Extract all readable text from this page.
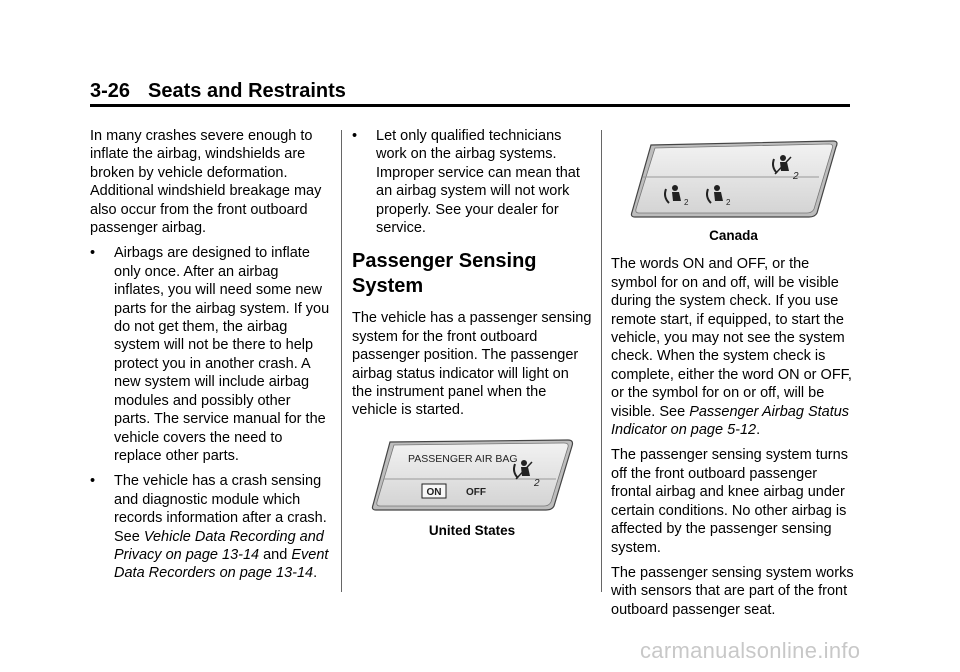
3-26 Seats and Restraints

In many crashes severe enough to inflate the airbag, windshields are broken by vehicle deformation. Additional windshield breakage may also occur from the front outboard passenger airbag.

• Airbags are designed to inflate only once. After an airbag inflates, you will need some new parts for the airbag system. If you do not get them, the airbag system will not be there to help protect you in another crash. A new system will include airbag modules and possibly other parts. The service manual for the vehicle covers the need to replace other parts.
• The vehicle has a crash sensing and diagnostic module which records information after a crash. See Vehicle Data Recording and Privacy on page 13-14 and Event Data Recorders on page 13-14.
• Let only qualified technicians work on the airbag systems. Improper service can mean that an airbag system will not work properly. See your dealer for service.
Passenger Sensing System

The vehicle has a passenger sensing system for the front outboard passenger position. The passenger airbag status indicator will light on the instrument panel when the vehicle is started.

PASSENGER AIR BAG
ON OFF
2
United States
2	2
2
Canada

The words ON and OFF, or the symbol for on and off, will be visible during the system check. If you use remote start, if equipped, to start the vehicle, you may not see the system check. When the system check is complete, either the word ON or OFF, or the symbol for on or off, will be visible. See Passenger Airbag Status Indicator on page 5-12.

The passenger sensing system turns off the front outboard passenger frontal airbag and knee airbag under certain conditions. No other airbag is affected by the passenger sensing system.

The passenger sensing system works with sensors that are part of the front outboard passenger seat.

carmanualsonline.info
